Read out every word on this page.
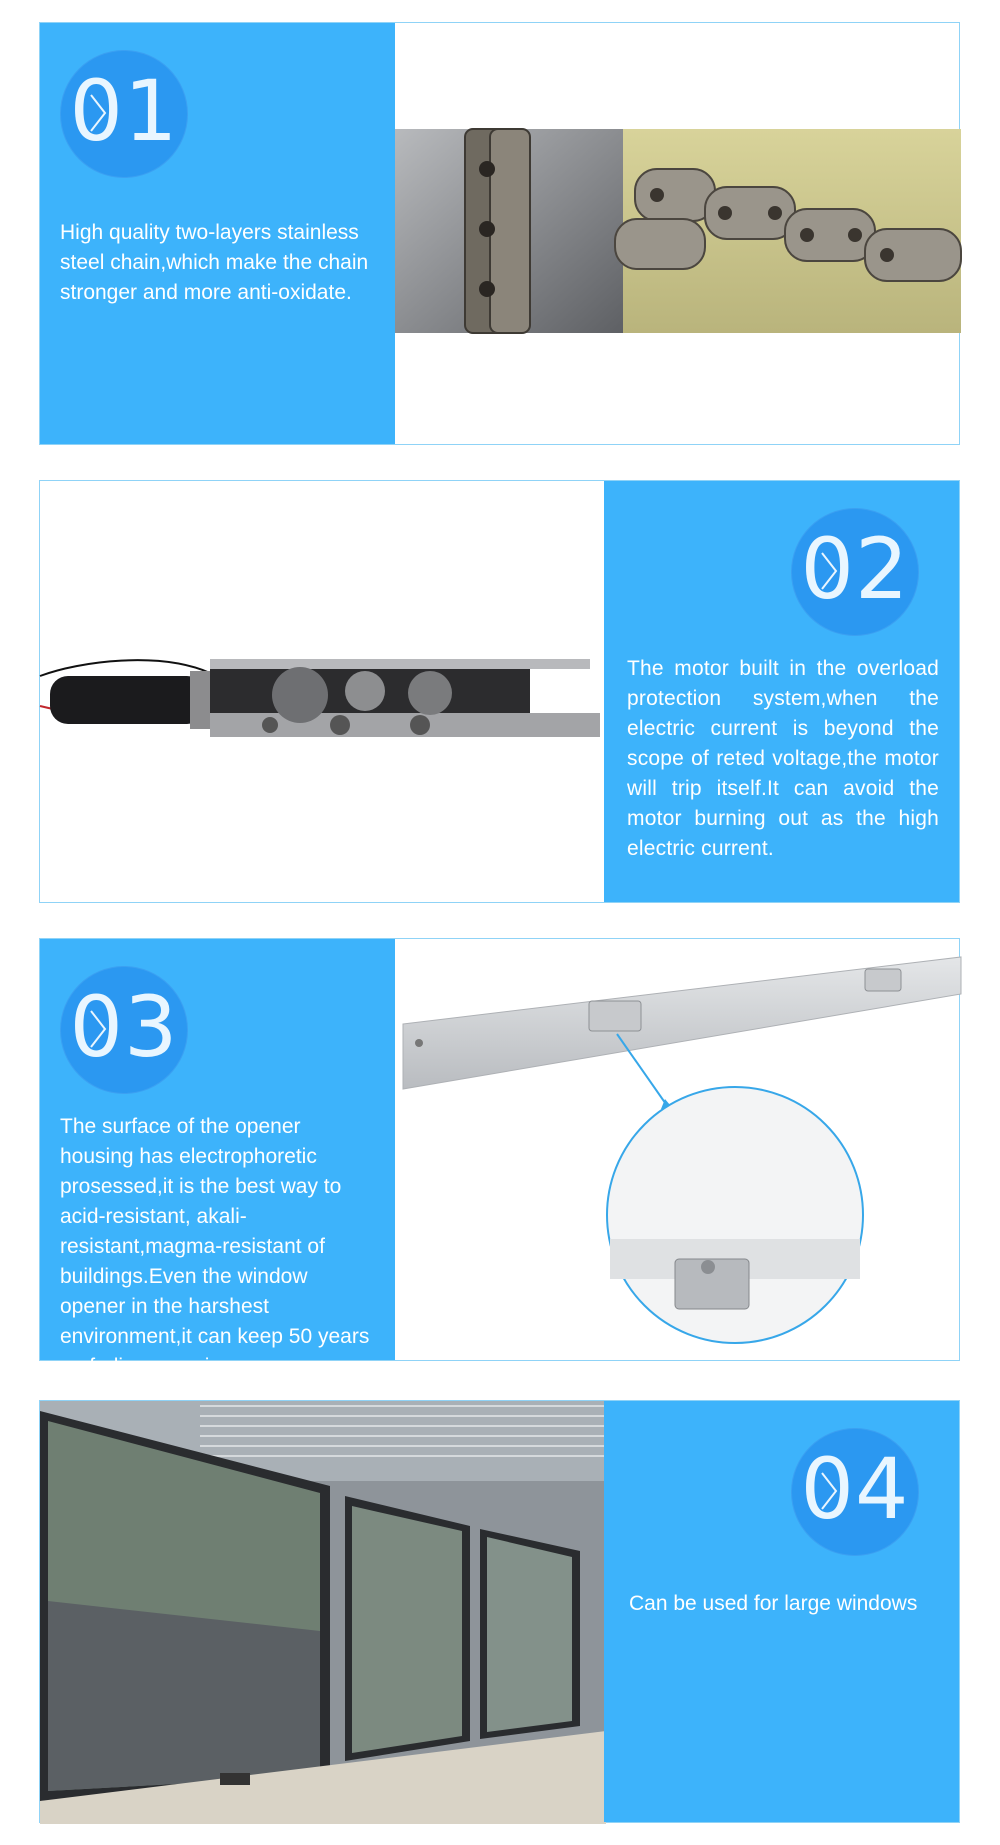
01
High quality two-layers stainless steel chain,which make the chain stronger and more anti-oxidate.
02
The motor built in the overload protection system,when the electric current is beyond the scope of reted voltage,the motor will trip itself.It can avoid the motor burning out as the high electric current.
03
The surface of the opener housing has electrophoretic prosessed,it is the best way to acid-resistant, akali-resistant,magma-resistant of buildings.Even the window opener in the harshest environment,it can keep 50 years no fading,no aging.
04
Can be used for large windows
